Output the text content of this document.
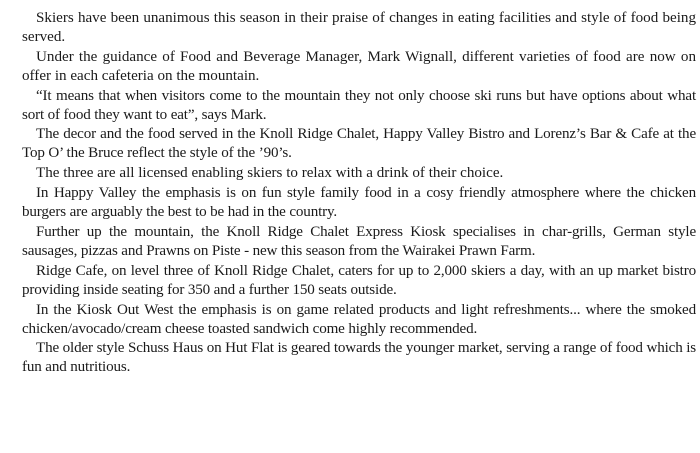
Skiers have been unanimous this season in their praise of changes in eating facilities and style of food being served.

Under the guidance of Food and Beverage Manager, Mark Wignall, different varieties of food are now on offer in each cafeteria on the mountain.

“It means that when visitors come to the mountain they not only choose ski runs but have options about what sort of food they want to eat”, says Mark.

The decor and the food served in the Knoll Ridge Chalet, Happy Valley Bistro and Lorenz’s Bar & Cafe at the Top O’ the Bruce reflect the style of the ’90’s.

The three are all licensed enabling skiers to relax with a drink of their choice.

In Happy Valley the emphasis is on fun style family food in a cosy friendly atmosphere where the chicken burgers are arguably the best to be had in the country.

Further up the mountain, the Knoll Ridge Chalet Express Kiosk specialises in char-grills, German style sausages, pizzas and Prawns on Piste - new this season from the Wairakei Prawn Farm.

Ridge Cafe, on level three of Knoll Ridge Chalet, caters for up to 2,000 skiers a day, with an up market bistro providing inside seating for 350 and a further 150 seats outside.

In the Kiosk Out West the emphasis is on game related products and light refreshments... where the smoked chicken/avocado/cream cheese toasted sandwich come highly recommended.

The older style Schuss Haus on Hut Flat is geared towards the younger market, serving a range of food which is fun and nutritious.
